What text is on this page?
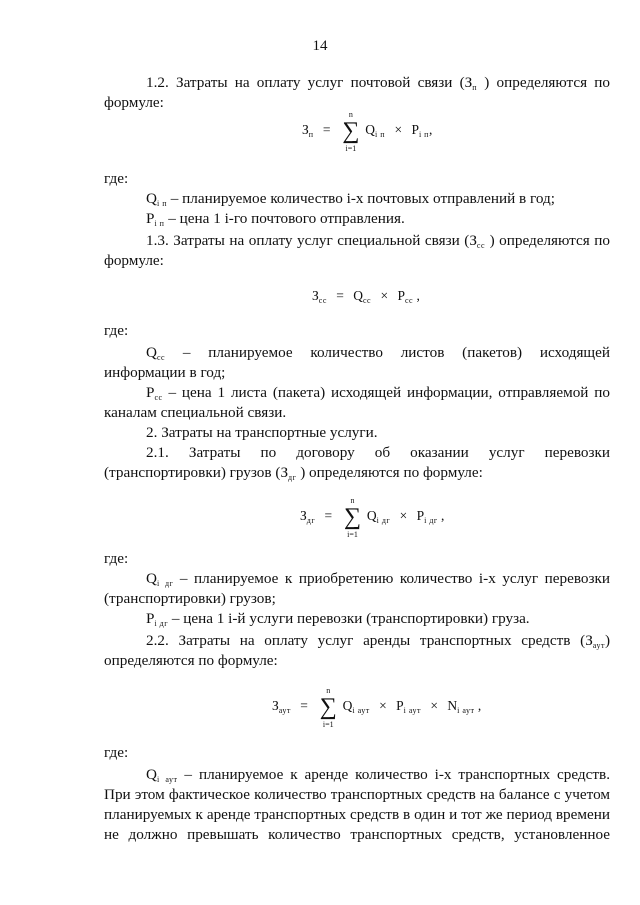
14
1.2. Затраты на оплату услуг почтовой связи ($З_п$ ) определяются по
формуле:
$З_п$ =
n
∑
i=1
$Q_{i п} \times P_{i п}$,
где:
$Q_{i п}$ – планируемое количество i-х почтовых отправлений в год;
$P_{i п}$ – цена 1 i-го почтового отправления.
1.3. Затраты на оплату услуг специальной связи ($З_{сс}$ ) определяются по
формуле:
$З_{сс} = Q_{сс} \times P_{сс}$ ,
где:
$Q_{сс}$ – планируемое количество листов (пакетов) исходящей
информации в год;
$P_{сс}$ – цена 1 листа (пакета) исходящей информации, отправляемой по
каналам специальной связи.
2. Затраты на транспортные услуги.
2.1. Затраты по договору об оказании услуг перевозки
(транспортировки) грузов ($З_{дг}$ ) определяются по формуле:
$З_{дг}$ =
n
∑
i=1
$Q_{i дг} \times P_{i дг}$ ,
где:
$Q_{i дг}$ – планируемое к приобретению количество i-х услуг перевозки
(транспортировки) грузов;
$P_{i дг}$ – цена 1 i-й услуги перевозки (транспортировки) груза.
2.2. Затраты на оплату услуг аренды транспортных средств $(З_{аут})$
определяются по формуле:
$З_{аут}$ =
n
∑
i=1
$Q_{i аут} \times P_{i аут} \times N_{i аут}$ ,
где:
$Q_{i аут}$ – планируемое к аренде количество i-х транспортных средств.
При этом фактическое количество транспортных средств на балансе с учетом
планируемых к аренде транспортных средств в один и тот же период времени
не должно превышать количество транспортных средств, установленное
